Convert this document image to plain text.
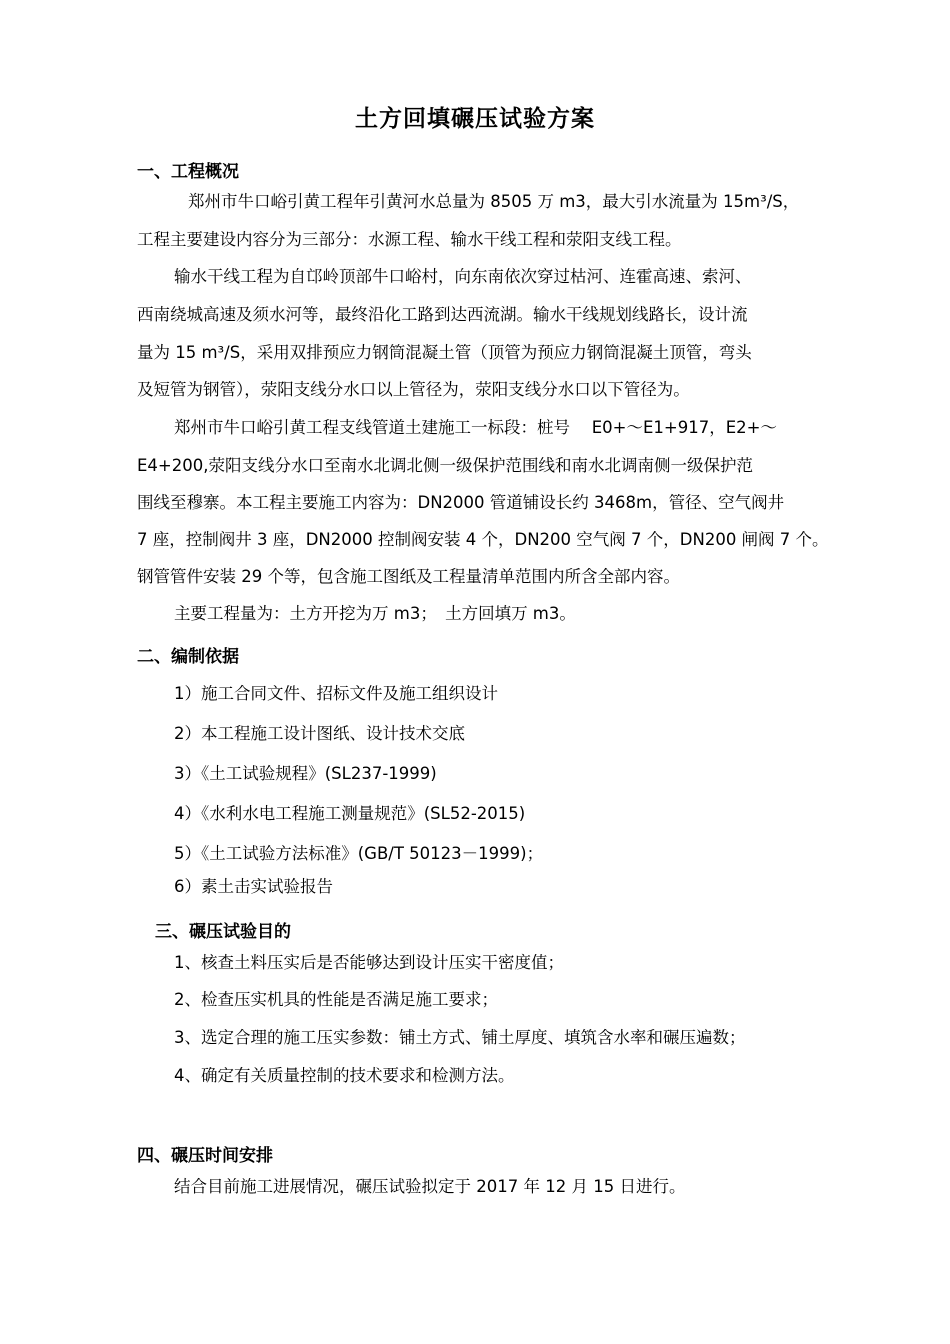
土方回填碾压试验方案
一、工程概况
郑州市牛口峪引黄工程年引黄河水总量为 8505 万 m3，最大引水流量为 15m³/S，
工程主要建设内容分为三部分：水源工程、输水干线工程和荥阳支线工程。
输水干线工程为自邙岭顶部牛口峪村，向东南依次穿过枯河、连霍高速、索河、
西南绕城高速及须水河等，最终沿化工路到达西流湖。输水干线规划线路长，设计流
量为 15 m³/S，采用双排预应力钢筒混凝土管（顶管为预应力钢筒混凝土顶管，弯头
及短管为钢管），荥阳支线分水口以上管径为，荥阳支线分水口以下管径为。
郑州市牛口峪引黄工程支线管道土建施工一标段：桩号　 E0+～E1+917，E2+～
E4+200,荥阳支线分水口至南水北调北侧一级保护范围线和南水北调南侧一级保护范
围线至穆寨。本工程主要施工内容为：DN2000 管道铺设长约 3468m，管径、空气阀井
7 座，控制阀井 3 座，DN2000 控制阀安装 4 个，DN200 空气阀 7 个，DN200 闸阀 7 个。
钢管管件安装 29 个等，包含施工图纸及工程量清单范围内所含全部内容。
主要工程量为：土方开挖为万 m3；　土方回填万 m3。
二、编制依据
1）施工合同文件、招标文件及施工组织设计
2）本工程施工设计图纸、设计技术交底
3）《土工试验规程》(SL237-1999)
4）《水利水电工程施工测量规范》(SL52-2015)
5）《土工试验方法标准》(GB/T 50123－1999)；
6）素土击实试验报告
三、碾压试验目的
1、核查土料压实后是否能够达到设计压实干密度值；
2、检查压实机具的性能是否满足施工要求；
3、选定合理的施工压实参数：铺土方式、铺土厚度、填筑含水率和碾压遍数；
4、确定有关质量控制的技术要求和检测方法。
四、碾压时间安排
结合目前施工进展情况，碾压试验拟定于 2017 年 12 月 15 日进行。
